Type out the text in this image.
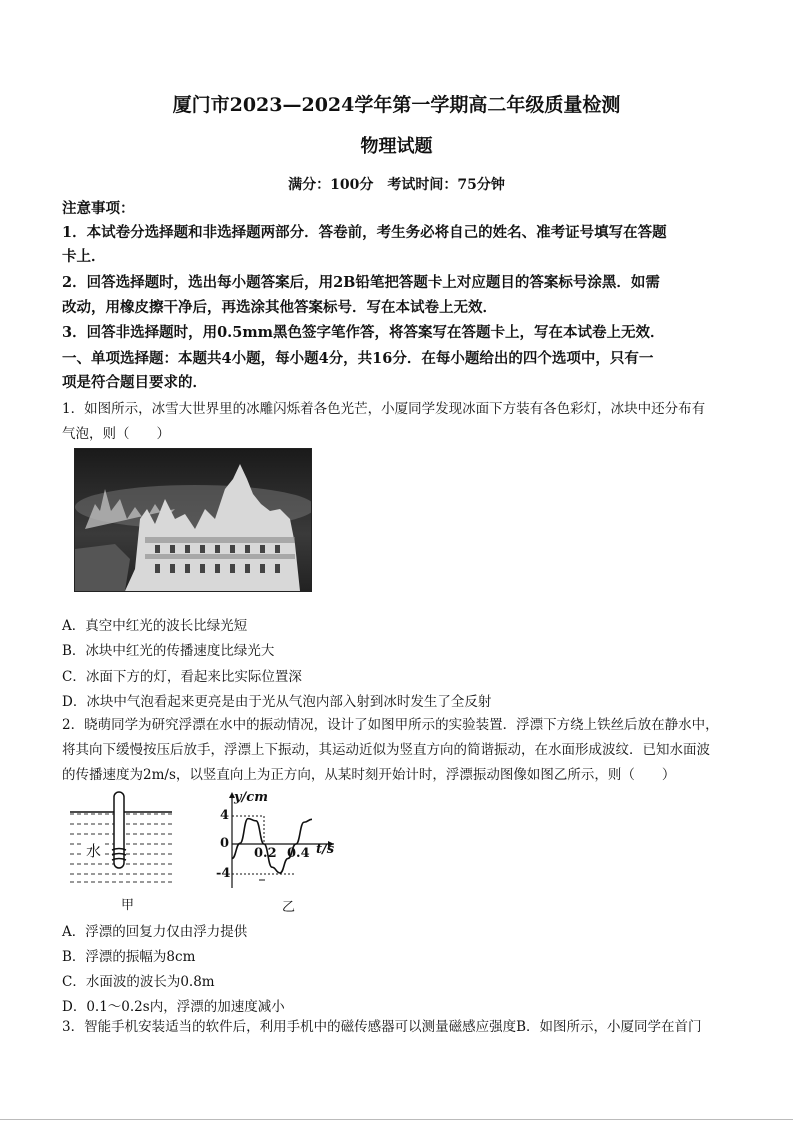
厦门市2023—2024学年第一学期高二年级质量检测
物理试题
满分：100分　考试时间：75分钟
注意事项：
1．本试卷分选择题和非选择题两部分．答卷前，考生务必将自己的姓名、准考证号填写在答题
卡上．
2．回答选择题时，选出每小题答案后，用2B铅笔把答题卡上对应题目的答案标号涂黑．如需
改动，用橡皮擦干净后，再选涂其他答案标号．写在本试卷上无效．
3．回答非选择题时，用0.5mm黑色签字笔作答，将答案写在答题卡上，写在本试卷上无效．
一、单项选择题：本题共4小题，每小题4分，共16分．在每小题给出的四个选项中，只有一
项是符合题目要求的．
1．如图所示，冰雪大世界里的冰雕闪烁着各色光芒，小厦同学发现冰面下方装有各色彩灯，冰块中还分布有
气泡，则（　　）
A．真空中红光的波长比绿光短
B．冰块中红光的传播速度比绿光大
C．冰面下方的灯，看起来比实际位置深
D．冰块中气泡看起来更亮是由于光从气泡内部入射到冰时发生了全反射
2．晓萌同学为研究浮漂在水中的振动情况，设计了如图甲所示的实验装置．浮漂下方绕上铁丝后放在静水中，
将其向下缓慢按压后放手，浮漂上下振动，其运动近似为竖直方向的简谐振动，在水面形成波纹．已知水面波
的传播速度为2m/s，以竖直向上为正方向，从某时刻开始计时，浮漂振动图像如图乙所示，则（　　）
水
甲
y/cm
t/s
4
0
-4
0.2 0.4
乙
A．浮漂的回复力仅由浮力提供
B．浮漂的振幅为8cm
C．水面波的波长为0.8m
D．0.1～0.2s内，浮漂的加速度减小
3．智能手机安装适当的软件后，利用手机中的磁传感器可以测量磁感应强度B．如图所示，小厦同学在首门
